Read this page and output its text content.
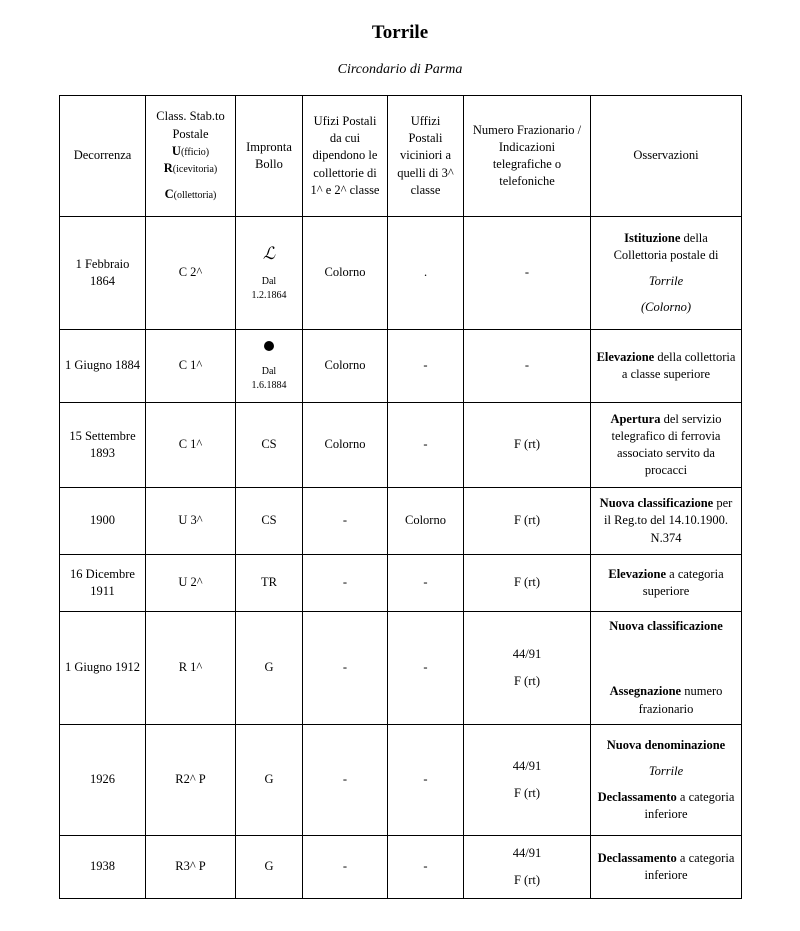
Torrile
Circondario di Parma
Decorrenza	Class. Stab.to
Postale
U(fficio)
R(icevitoria)
C(ollettoria)	Impronta Bollo	Ufizi Postali da cui dipendono le collettorie di 1^ e 2^ classe	Uffizi Postali viciniori a quelli di 3^ classe	Numero Frazionario / Indicazioni telegrafiche o telefoniche	Osservazioni
1 Febbraio 1864	C 2^	ℒ
Dal
1.2.1864	Colorno	.	-	Istituzione della Collettoria postale di
Torrile
(Colorno)

1 Giugno 1884	C 1^	Dal
1.6.1884	Colorno	-	-	Elevazione della collettoria a classe superiore
15 Settembre 1893	C 1^	CS	Colorno	-	F (rt)	Apertura del servizio telegrafico di ferrovia associato servito da procacci
1900	U 3^	CS	-	Colorno	F (rt)	Nuova classificazione per il Reg.to del 14.10.1900. N.374
16 Dicembre 1911	U 2^	TR	-	-	F (rt)	Elevazione a categoria superiore
1 Giugno 1912	R 1^	G	-	-	44/91
F (rt)	Nuova classificazione
Assegnazione numero frazionario
1926	R2^ P	G	-	-	44/91
F (rt)	Nuova denominazione
Torrile
Declassamento a categoria inferiore
1938	R3^ P	G	-	-	44/91
F (rt)	Declassamento a categoria inferiore
